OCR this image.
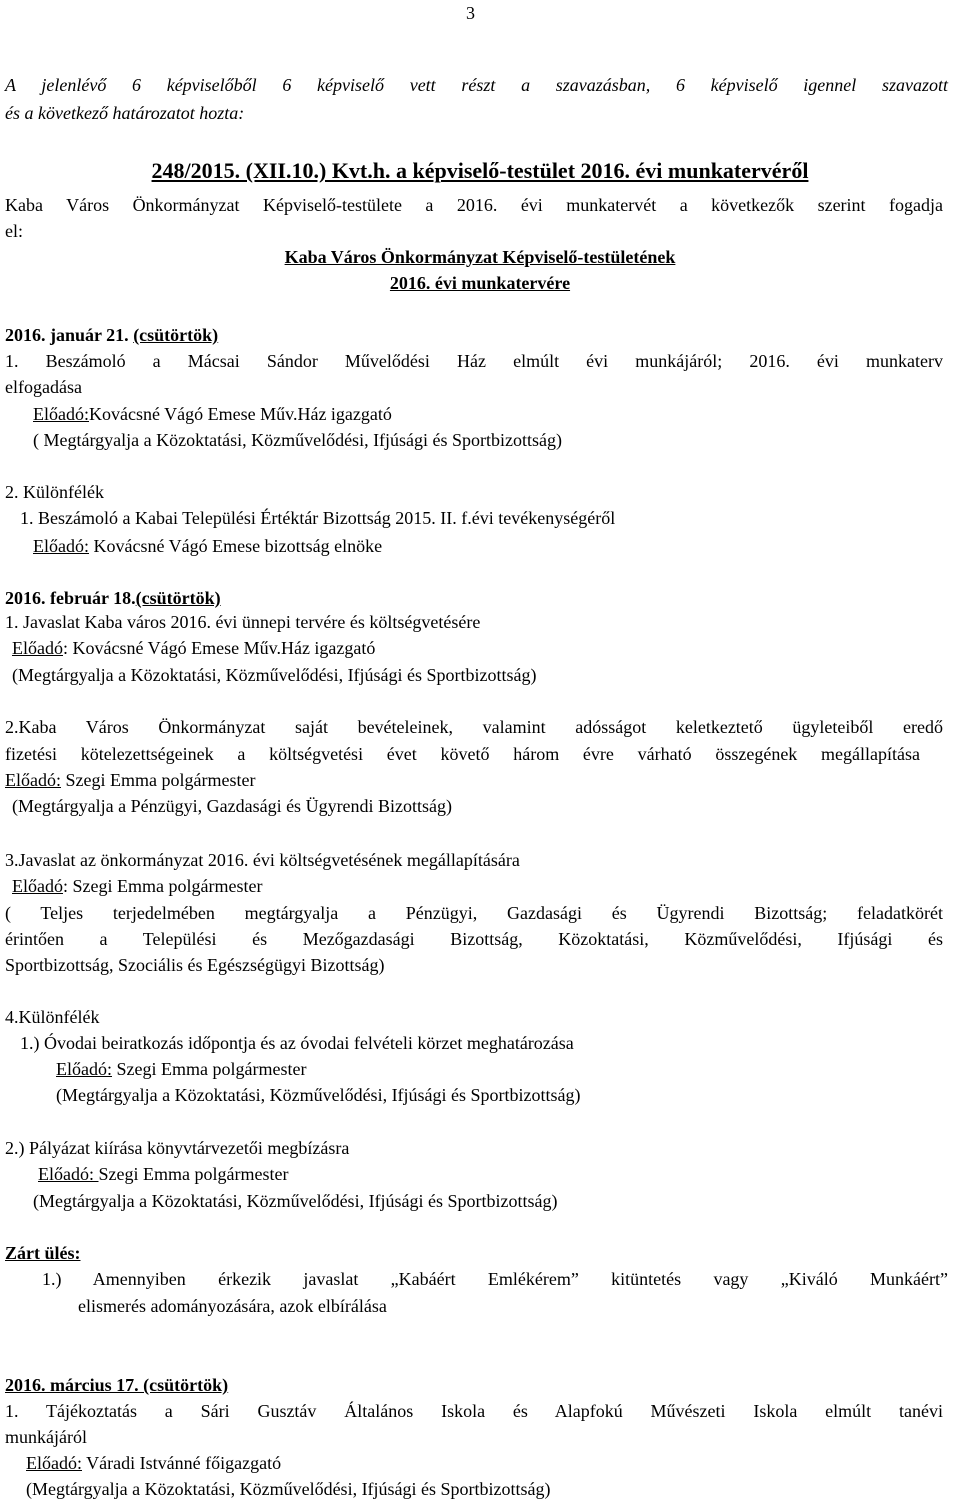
3
A jelenlévő 6 képviselőből 6 képviselő vett részt a szavazásban, 6 képviselő igennel szavazott
és a következő határozatot hozta:
248/2015. (XII.10.) Kvt.h. a képviselő-testület 2016. évi munkatervéről
Kaba Város Önkormányzat Képviselő-testülete a 2016. évi munkatervét a következők szerint fogadja
el:
Kaba Város Önkormányzat Képviselő-testületének
2016. évi munkatervére
2016. január 21. (csütörtök)
1. Beszámoló a Mácsai Sándor Művelődési Ház elmúlt évi munkájáról; 2016. évi munkaterv
elfogadása
Előadó:Kovácsné Vágó Emese Műv.Ház igazgató
( Megtárgyalja a Közoktatási, Közművelődési, Ifjúsági és Sportbizottság)
2. Különfélék
1. Beszámoló a Kabai Települési Értéktár Bizottság 2015. II. f.évi tevékenységéről
Előadó: Kovácsné Vágó Emese bizottság elnöke
2016. február 18.(csütörtök)
1. Javaslat Kaba város 2016. évi ünnepi tervére és költségvetésére
Előadó: Kovácsné Vágó Emese Műv.Ház igazgató
(Megtárgyalja a Közoktatási, Közművelődési, Ifjúsági és Sportbizottság)
2.Kaba Város Önkormányzat saját bevételeinek, valamint adósságot keletkeztető ügyleteiből eredő
fizetési kötelezettségeinek a költségvetési évet követő három évre várható összegének megállapítása
Előadó: Szegi Emma polgármester
(Megtárgyalja a Pénzügyi, Gazdasági és Ügyrendi Bizottság)
3.Javaslat az önkormányzat 2016. évi költségvetésének megállapítására
Előadó: Szegi Emma polgármester
( Teljes terjedelmében megtárgyalja a Pénzügyi, Gazdasági és Ügyrendi Bizottság; feladatkörét
érintően a Települési és Mezőgazdasági Bizottság, Közoktatási, Közművelődési, Ifjúsági és
Sportbizottság, Szociális és Egészségügyi Bizottság)
4.Különfélék
1.) Óvodai beiratkozás időpontja és az óvodai felvételi körzet meghatározása
Előadó: Szegi Emma polgármester
(Megtárgyalja a Közoktatási, Közművelődési, Ifjúsági és Sportbizottság)
2.) Pályázat kiírása könyvtárvezetői megbízásra
Előadó: Szegi Emma polgármester
(Megtárgyalja a Közoktatási, Közművelődési, Ifjúsági és Sportbizottság)
Zárt ülés:
1.) Amennyiben érkezik javaslat „Kabáért Emlékérem” kitüntetés vagy „Kiváló Munkáért”
elismerés adományozására, azok elbírálása
2016. március 17. (csütörtök)
1. Tájékoztatás a Sári Gusztáv Általános Iskola és Alapfokú Művészeti Iskola elmúlt tanévi
munkájáról
Előadó: Váradi Istvánné főigazgató
(Megtárgyalja a Közoktatási, Közművelődési, Ifjúsági és Sportbizottság)
